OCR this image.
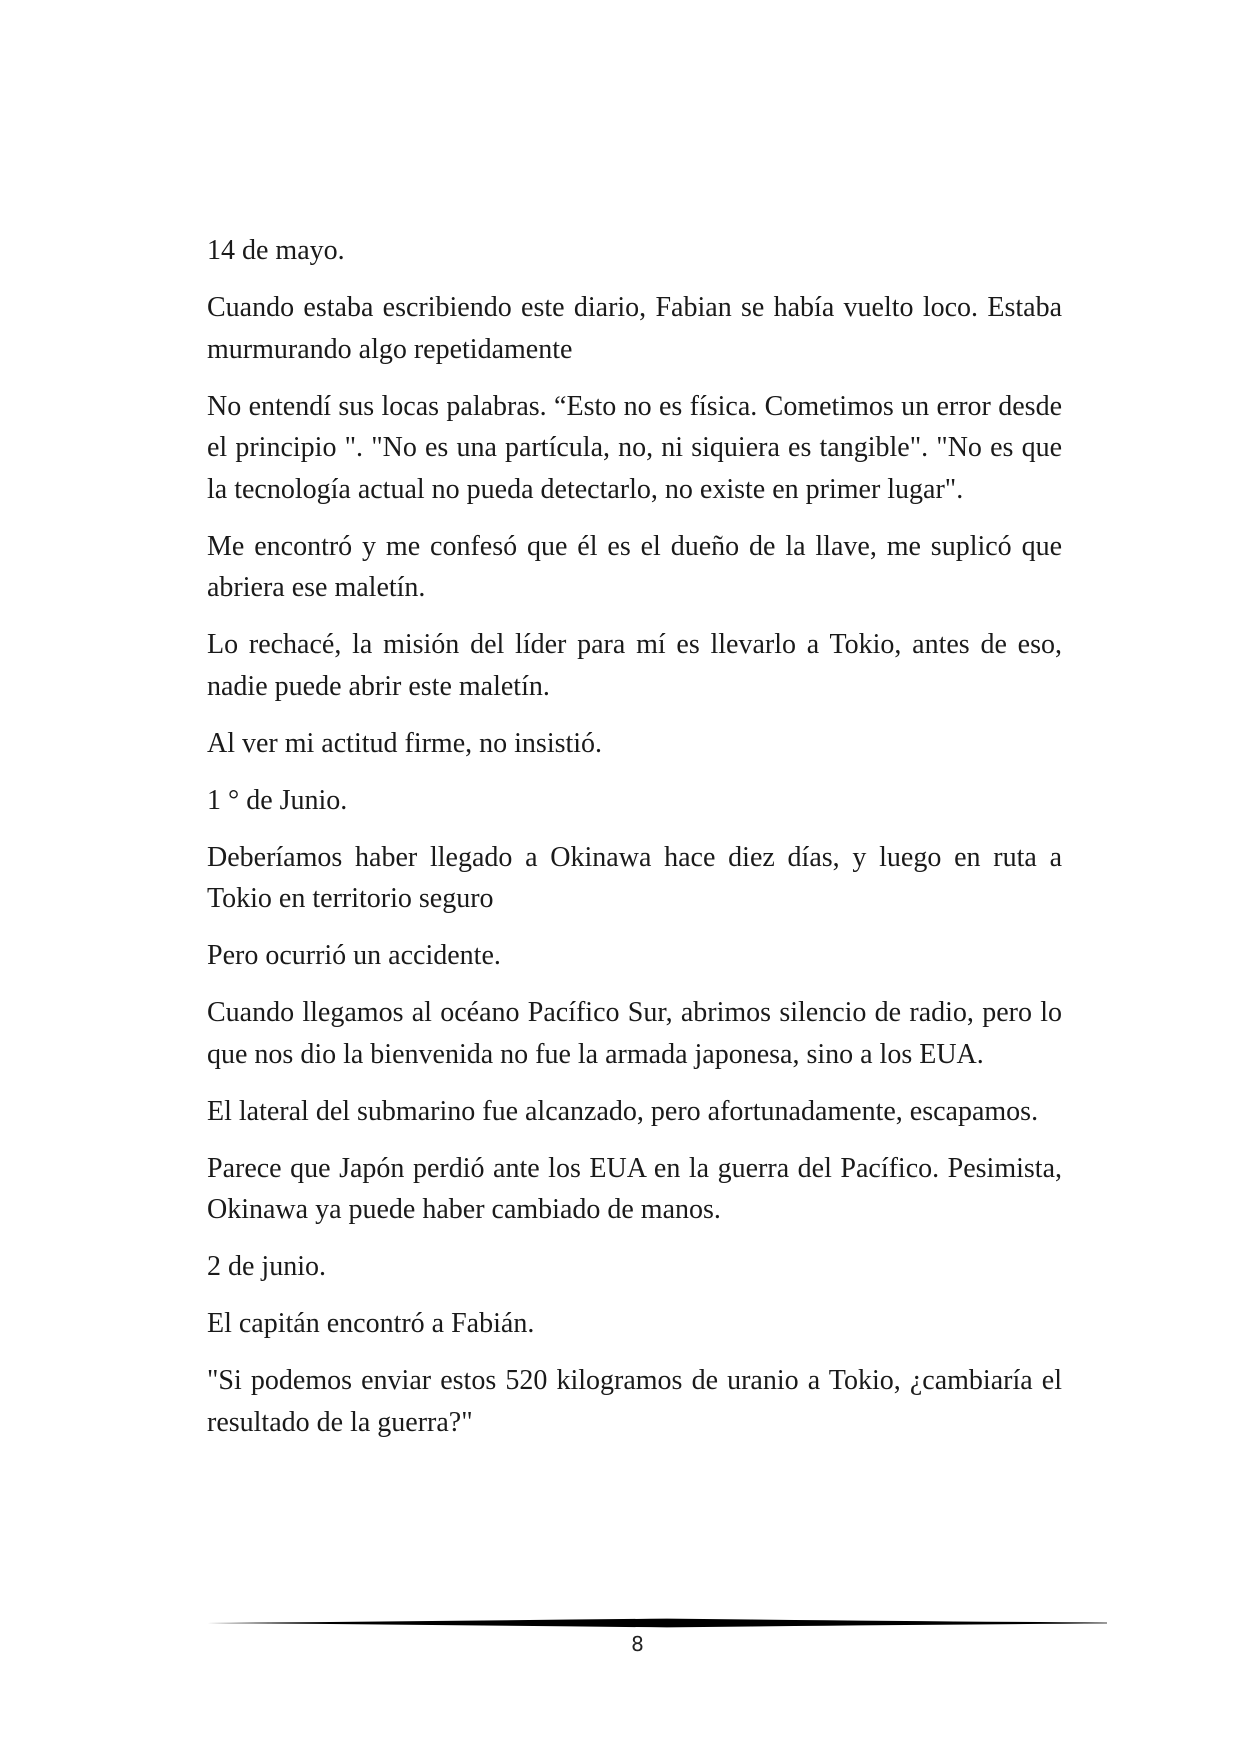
14 de mayo.

Cuando estaba escribiendo este diario, Fabian se había vuelto loco. Estaba murmurando algo repetidamente

No entendí sus locas palabras. “Esto no es física. Cometimos un error desde el principio ". "No es una partícula, no, ni siquiera es tangible". "No es que la tecnología actual no pueda detectarlo, no existe en primer lugar".

Me encontró y me confesó que él es el dueño de la llave, me suplicó que abriera ese maletín.

Lo rechacé, la misión del líder para mí es llevarlo a Tokio, antes de eso, nadie puede abrir este maletín.

Al ver mi actitud firme, no insistió.

1 ° de Junio.

Deberíamos haber llegado a Okinawa hace diez días, y luego en ruta a Tokio en territorio seguro

Pero ocurrió un accidente.

Cuando llegamos al océano Pacífico Sur, abrimos silencio de radio, pero lo que nos dio la bienvenida no fue la armada japonesa, sino a los EUA.

El lateral del submarino fue alcanzado, pero afortunadamente, escapamos.

Parece que Japón perdió ante los EUA en la guerra del Pacífico. Pesimista, Okinawa ya puede haber cambiado de manos.

2 de junio.

El capitán encontró a Fabián.

"Si podemos enviar estos 520 kilogramos de uranio a Tokio, ¿cambiaría el resultado de la guerra?"

8
